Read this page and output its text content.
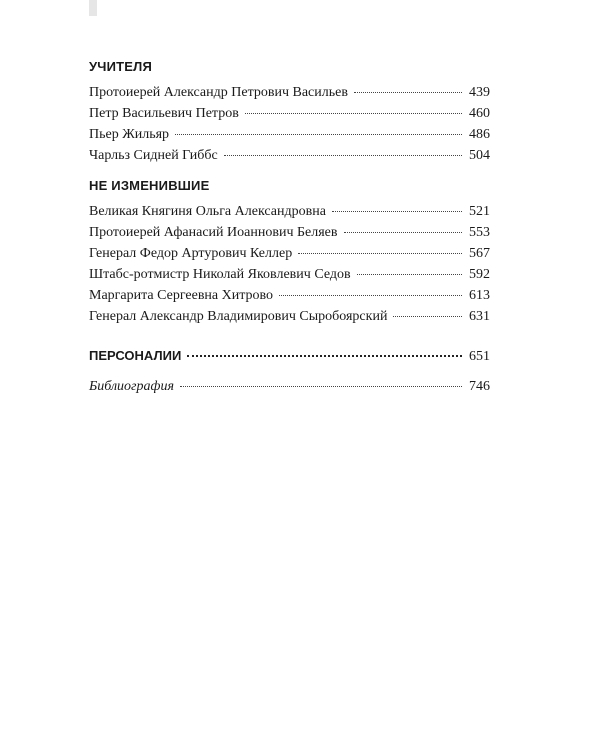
УЧИТЕЛЯ
Протоиерей Александр Петрович Васильев	439
Петр Васильевич Петров	460
Пьер Жильяр	486
Чарльз Сидней Гиббс	504
НЕ ИЗМЕНИВШИЕ
Великая Княгиня Ольга Александровна	521
Протоиерей Афанасий Иоаннович Беляев	553
Генерал Федор Артурович Келлер	567
Штабс-ротмистр Николай Яковлевич Седов	592
Маргарита Сергеевна Хитрово	613
Генерал Александр Владимирович Сыробоярский	631
ПЕРСОНАЛИИ	651
Библиография	746
